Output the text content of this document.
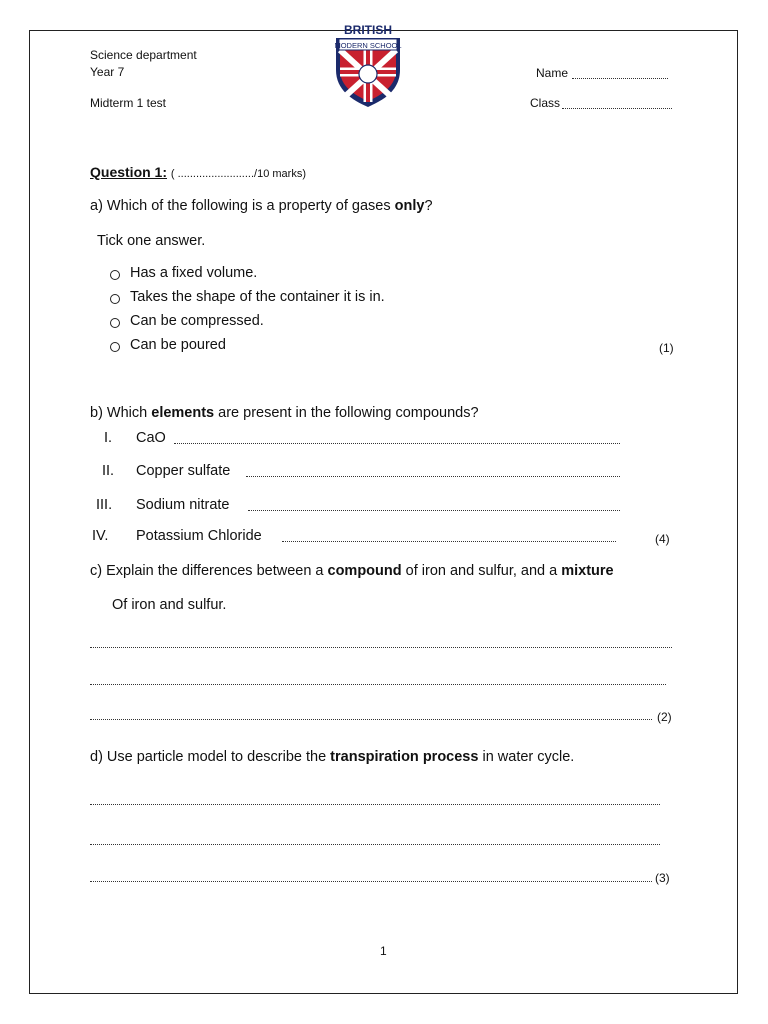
Science department
Year 7
Midterm 1 test
BRITISH
MODERN SCHOOL
Name
Class
Question 1: ( ........................./10 marks)
a) Which of the following is a property of gases only?
Tick one answer.
Has a fixed volume.
Takes the shape of the container it is in.
Can be compressed.
Can be poured	(1)
b) Which elements are present in the following compounds?
I. CaO
II. Copper sulfate
III. Sodium nitrate
IV. Potassium Chloride	(4)
c) Explain the differences between a compound of iron and sulfur, and a mixture
Of iron and sulfur.
(2)
d) Use particle model to describe the transpiration process in water cycle.
(3)
1
